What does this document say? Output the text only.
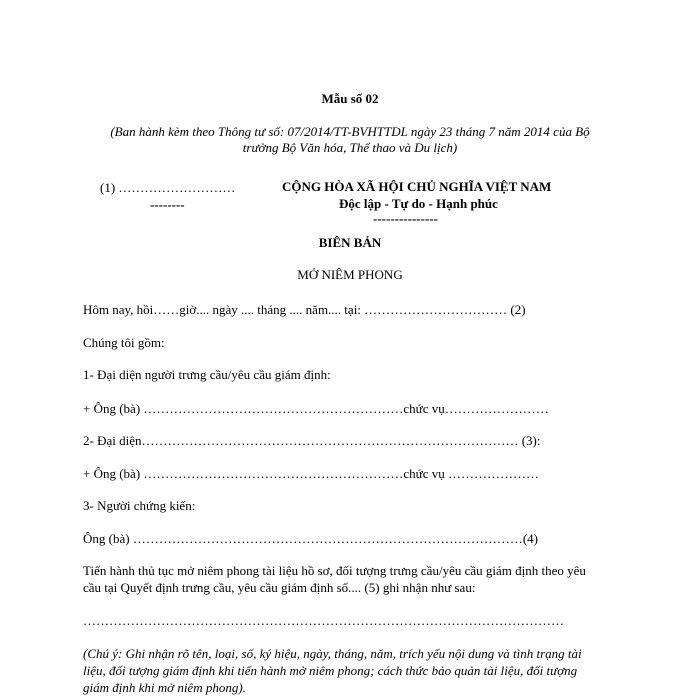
Mẫu số 02
(Ban hành kèm theo Thông tư số: 07/2014/TT-BVHTTDL ngày 23 tháng 7 năm 2014 của Bộ
trưởng Bộ Văn hóa, Thể thao và Du lịch)
(1) ………………………
--------
CỘNG HÒA XÃ HỘI CHỦ NGHĨA VIỆT NAM
Độc lập - Tự do - Hạnh phúc
---------------
BIÊN BẢN
MỞ NIÊM PHONG
Hôm nay, hồi……giờ.... ngày .... tháng .... năm.... tại: …………………………… (2)
Chúng tôi gồm:
1- Đại diện người trưng cầu/yêu cầu giám định:
+ Ông (bà) ……………………………………………………chức vụ……………………
2- Đại diện…………………………………………………………………………… (3):
+ Ông (bà) ……………………………………………………chức vụ …………………
3- Người chứng kiến:
Ông (bà) ………………………………………………………………………………(4)
Tiến hành thủ tục mở niêm phong tài liệu hồ sơ, đối tượng trưng cầu/yêu cầu giám định theo yêu
cầu tại Quyết định trưng cầu, yêu cầu giám định số.... (5) ghi nhận như sau:
…………………………………………………………………………………………………
(Chú ý: Ghi nhận rõ tên, loại, số, ký hiệu, ngày, tháng, năm, trích yếu nội dung và tình trạng tài
liệu, đối tượng giám định khi tiến hành mở niêm phong; cách thức bảo quản tài liệu, đối tượng
giám định khi mở niêm phong).
